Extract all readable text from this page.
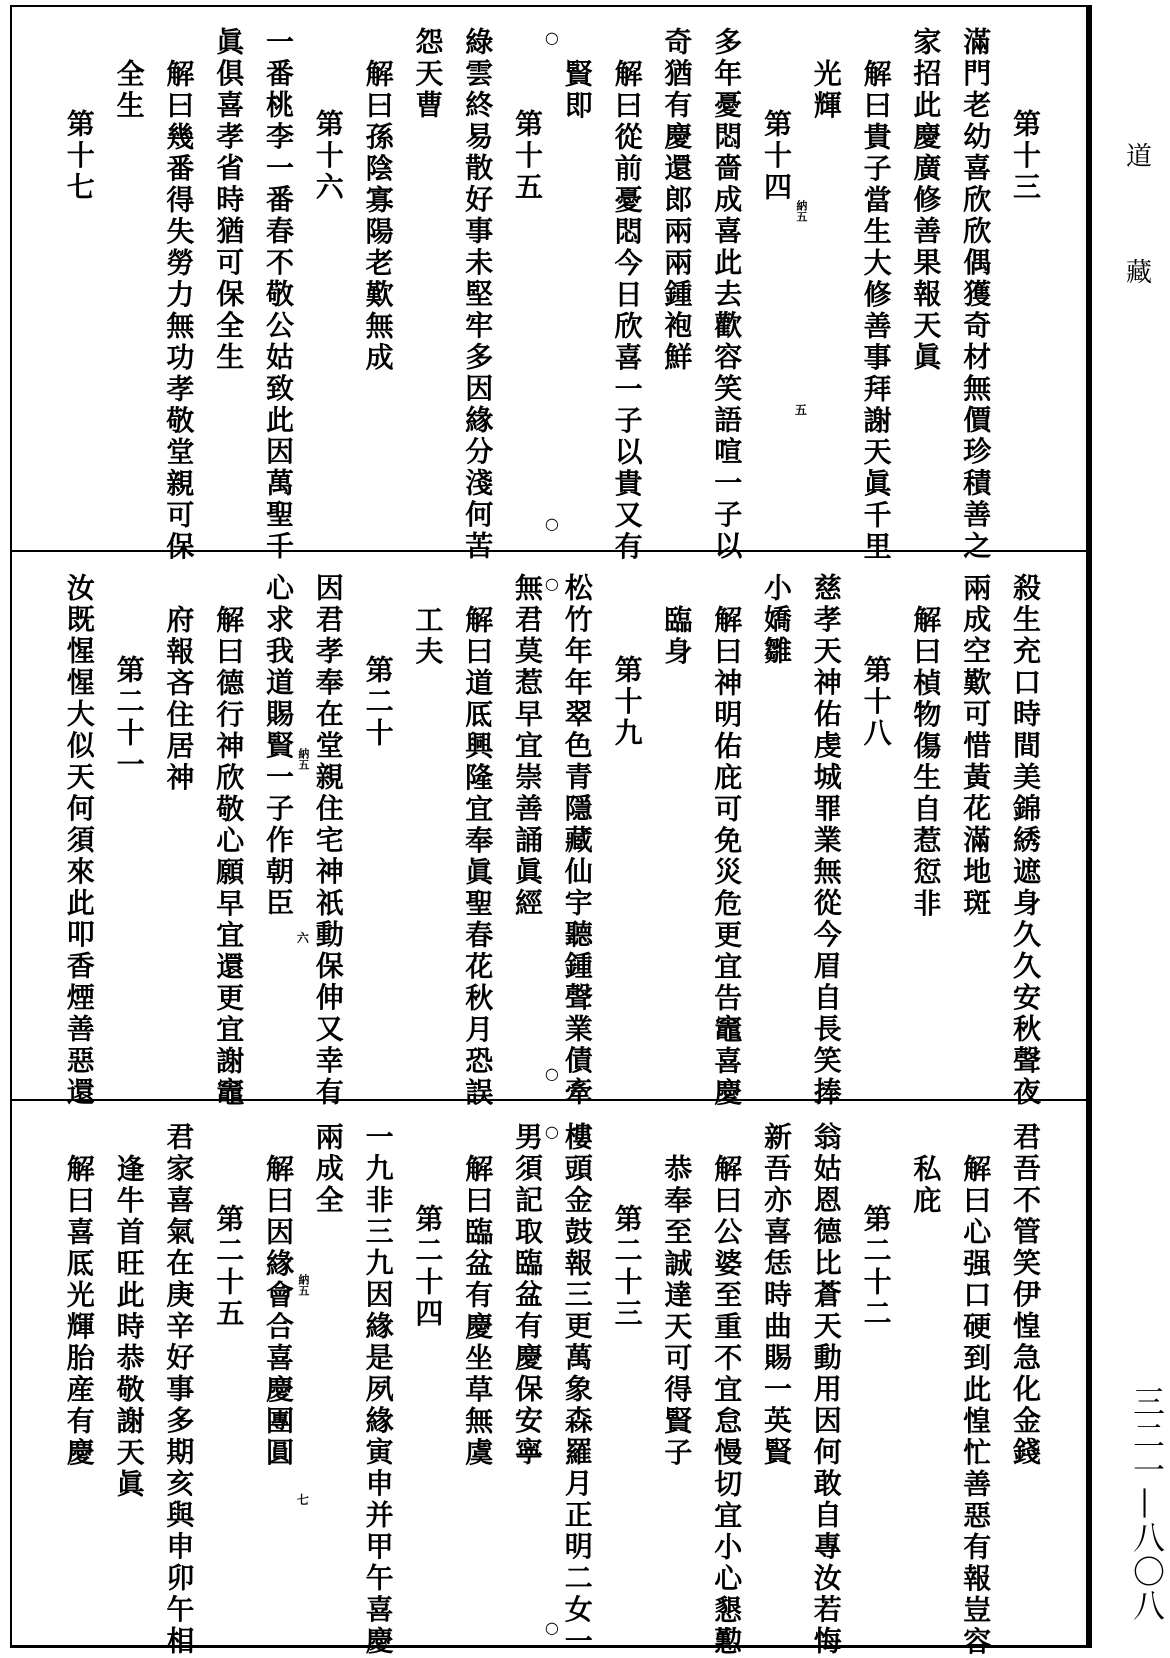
第十三
滿門老幼喜欣欣偶獲奇材無價珍積善之
家招此慶廣修善果報天眞
解曰貴子當生大修善事拜謝天眞千里
光輝
第十四
多年憂悶嗇成喜此去歡容笑語喧一子以
奇猶有慶還郎兩兩鍾袍鮮
解曰從前憂悶今日欣喜一子以貴又有
賢即
第十五
綠雲終易散好事未堅牢多因緣分淺何苦
怨天曹
解曰孫陰寡陽老歎無成
第十六
一番桃李一番春不敬公姑致此因萬聖千
眞俱喜孝省時猶可保全生
解曰幾番得失勞力無功孝敬堂親可保
全生
第十七
殺生充口時間美錦綉遮身久久安秋聲夜
兩成空歎可惜黃花滿地斑
解曰楨物傷生自惹愆非
第十八
慈孝天神佑虔城罪業無從今眉自長笑捧
小嬌雛
解曰神明佑庇可免災危更宜告竈喜慶
臨身
第十九
松竹年年翠色青隱藏仙宇聽鍾聲業債牽
無君莫惹早宜崇善誦眞經
解曰道厎興隆宜奉眞聖春花秋月恐誤
工夫
第二十
因君孝奉在堂親住宅神祇動保伸又幸有
心求我道賜賢一子作朝臣
解曰德行神欣敬心願早宜還更宜謝竈
府報吝住居神
第二十一
汝既惺惺大似天何須來此叩香煙善惡還
君吾不管笑伊惶急化金錢
解曰心强口硬到此惶忙善惡有報豈容
私庇
第二十二
翁姑恩德比蒼天動用因何敢自專汝若悔
新吾亦喜恁時曲賜一英賢
解曰公婆至重不宜怠慢切宜小心懇懃
恭奉至誠達天可得賢子
第二十三
樓頭金鼓報三更萬象森羅月正明二女一
男須記取臨盆有慶保安寧
解曰臨盆有慶坐草無虞
第二十四
一九非三九因緣是夙緣寅申并甲午喜慶
兩成全
解曰因緣會合喜慶團圓
第二十五
君家喜氣在庚辛好事多期亥與申卯午相
逢牛首旺此時恭敬謝天眞
解曰喜厎光輝胎産有慶
納五
五
納五
六
納五
七
○
○
○
○
○
○
道
藏
三二一—八〇八
